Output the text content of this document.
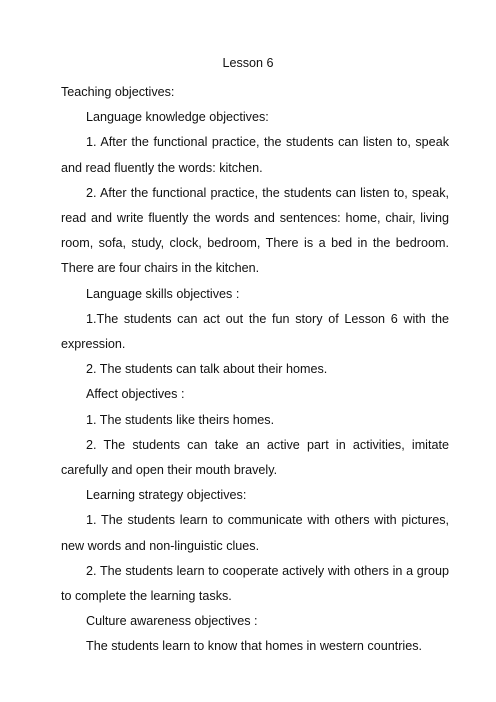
Lesson 6

Teaching objectives:

Language knowledge objectives:

1. After the functional practice, the students can listen to, speak and read fluently the words: kitchen.

2. After the functional practice, the students can listen to, speak, read and write fluently the words and sentences: home, chair, living room, sofa, study, clock, bedroom, There is a bed in the bedroom. There are four chairs in the kitchen.

Language skills objectives :

1.The students can act out the fun story of Lesson 6 with the expression.

2. The students can talk about their homes.

Affect objectives :

1. The students like theirs homes.

2. The students can take an active part in activities, imitate carefully and open their mouth bravely.

Learning strategy objectives:

1. The students learn to communicate with others with pictures, new words and non-linguistic clues.

2. The students learn to cooperate actively with others in a group to complete the learning tasks.

Culture awareness objectives :

The students learn to know that homes in western countries.
